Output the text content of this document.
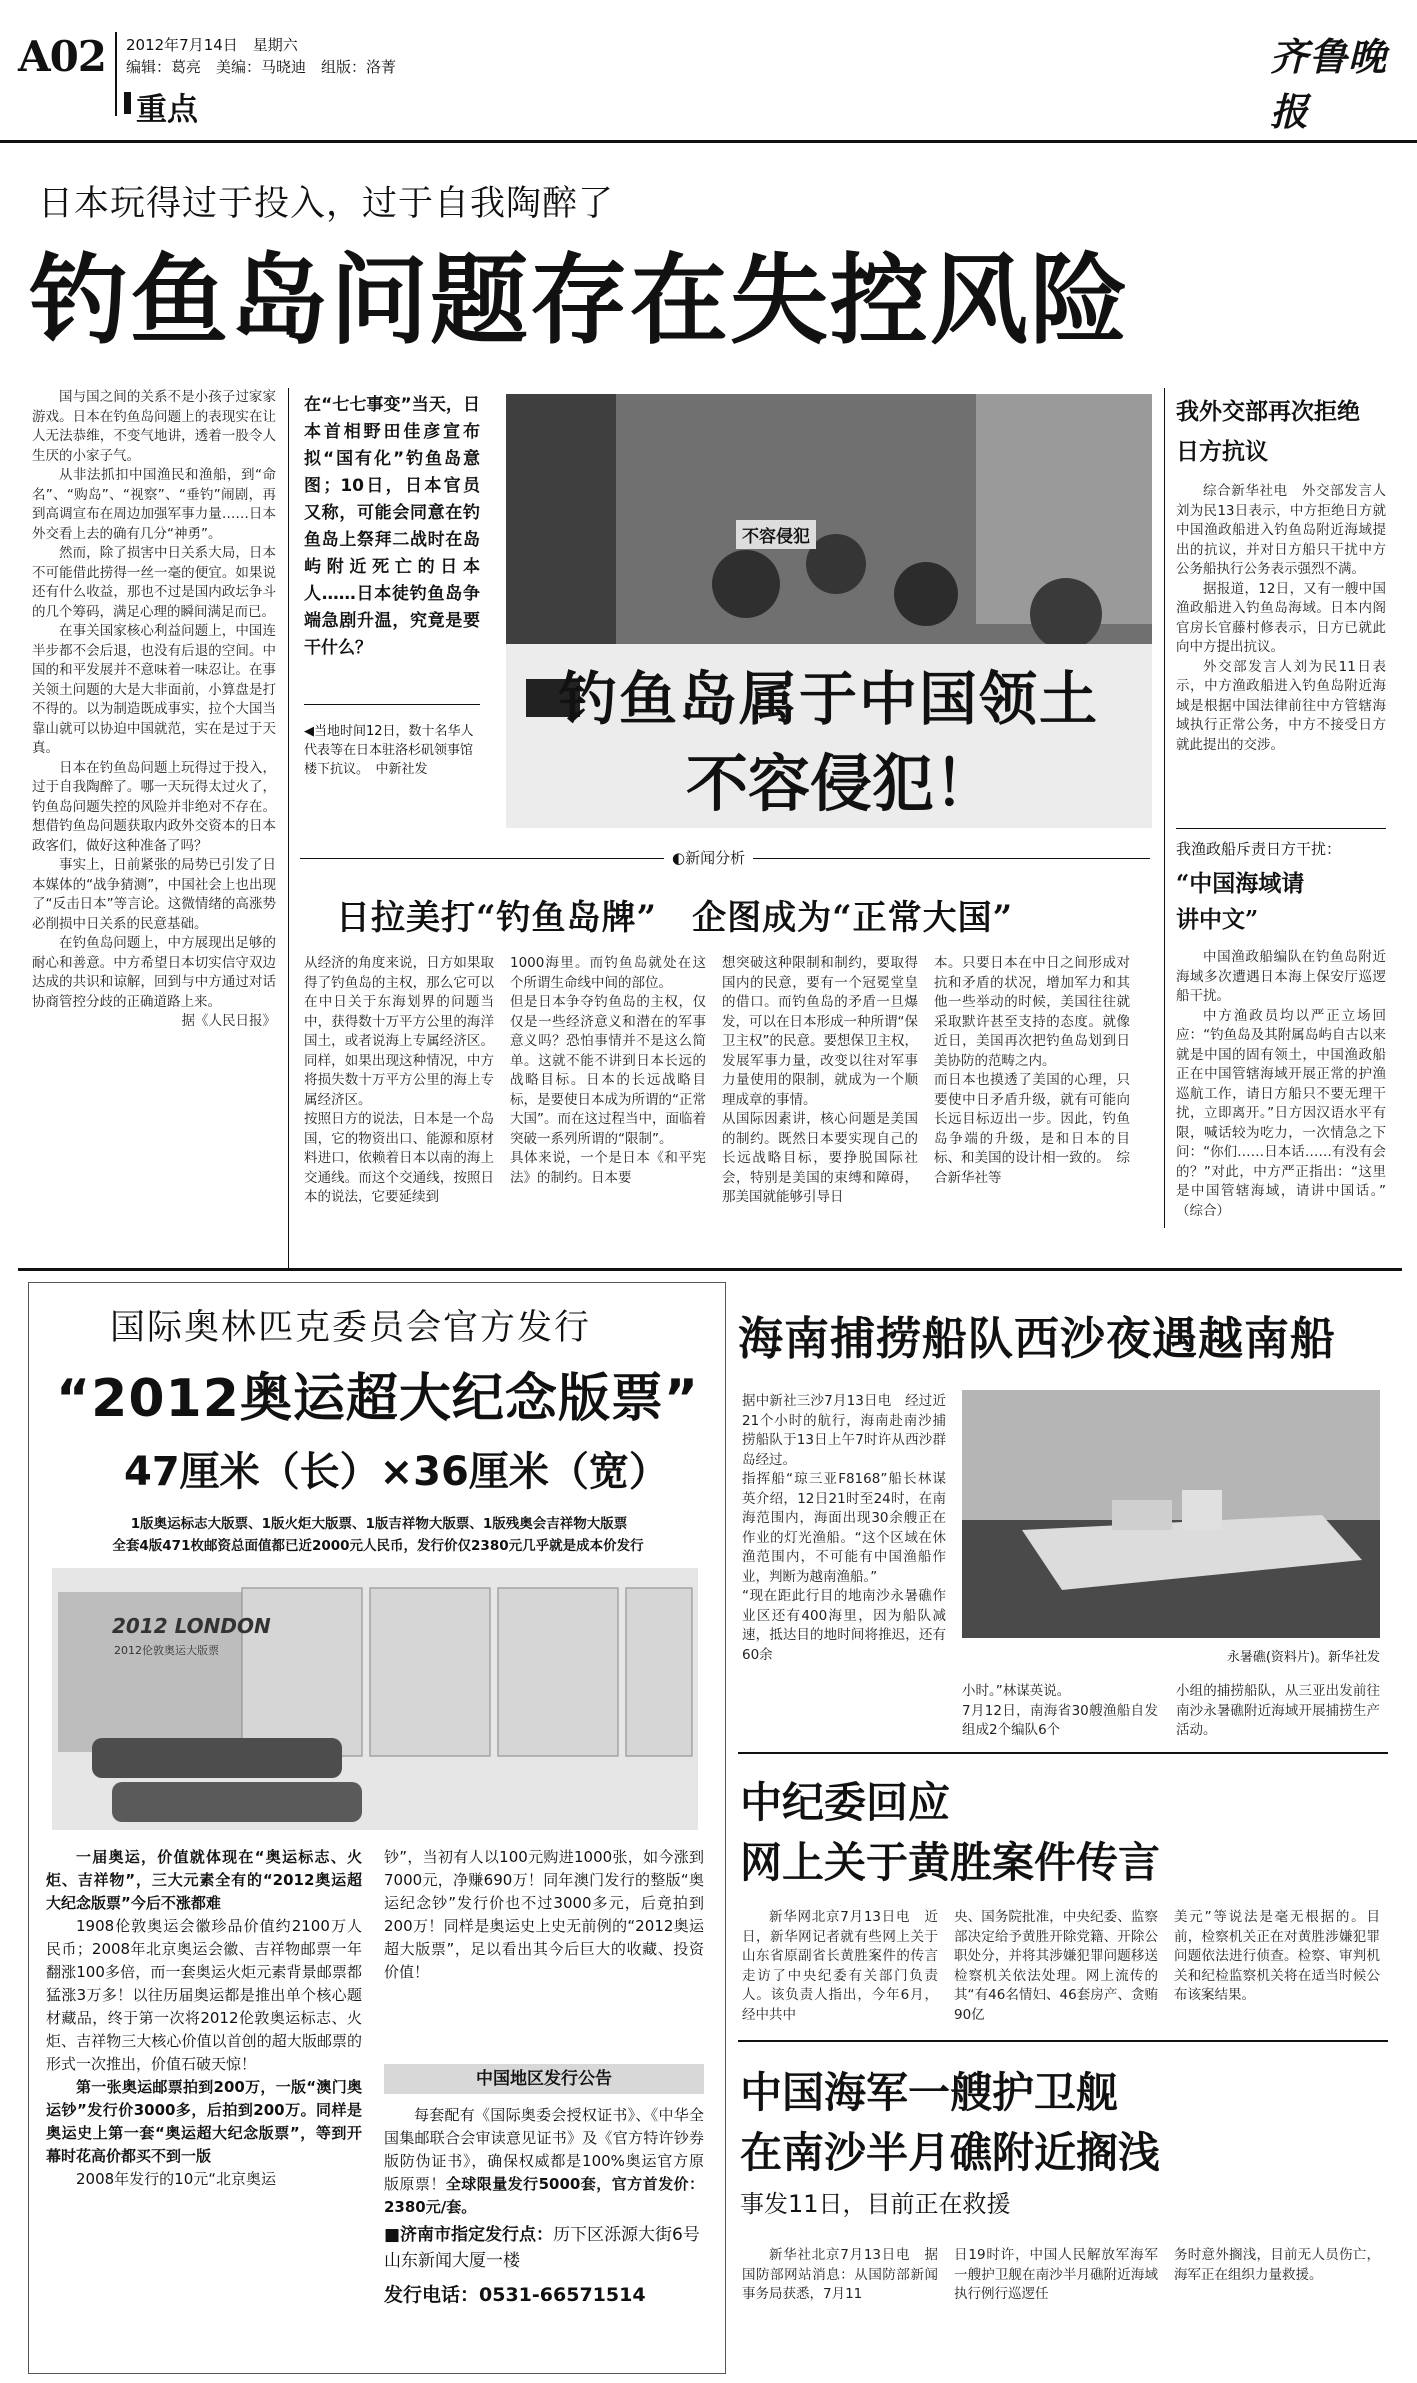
A02 2012年7月14日　星期六
编辑：葛亮　美编：马晓迪　组版：洛菁
重点
齐鲁晚报
日本玩得过于投入，过于自我陶醉了
钓鱼岛问题存在失控风险

国与国之间的关系不是小孩子过家家游戏。日本在钓鱼岛问题上的表现实在让人无法恭维，不变气地讲，透着一股令人生厌的小家子气。

从非法抓扣中国渔民和渔船，到“命名”、“购岛”、“视察”、“垂钓”闹剧，再到高调宣布在周边加强军事力量……日本外交看上去的确有几分“神勇”。

然而，除了损害中日关系大局，日本不可能借此捞得一丝一毫的便宜。如果说还有什么收益，那也不过是国内政坛争斗的几个筹码，满足心理的瞬间满足而已。

在事关国家核心利益问题上，中国连半步都不会后退，也没有后退的空间。中国的和平发展并不意味着一味忍让。在事关领土问题的大是大非面前，小算盘是打不得的。以为制造既成事实，拉个大国当靠山就可以协迫中国就范，实在是过于天真。

日本在钓鱼岛问题上玩得过于投入，过于自我陶醉了。哪一天玩得太过火了，钓鱼岛问题失控的风险并非绝对不存在。想借钓鱼岛问题获取内政外交资本的日本政客们，做好这种准备了吗？

事实上，日前紧张的局势已引发了日本媒体的“战争猜测”，中国社会上也出现了“反击日本”等言论。这微情绪的高涨势必削损中日关系的民意基础。

在钓鱼岛问题上，中方展现出足够的耐心和善意。中方希望日本切实信守双边达成的共识和谅解，回到与中方通过对话协商管控分歧的正确道路上来。

据《人民日报》

在“七七事变”当天，日本首相野田佳彦宣布拟“国有化”钓鱼岛意图；10日，日本官员又称，可能会同意在钓鱼岛上祭拜二战时在岛屿附近死亡的日本人……日本徒钓鱼岛争端急剧升温，究竟是要干什么？
◀当地时间12日，数十名华人代表等在日本驻洛杉矶领事馆楼下抗议。　中新社发
钓鱼岛属于中国领土
不容侵犯！
不容侵犯
我外交部再次拒绝日方抗议

综合新华社电　外交部发言人刘为民13日表示，中方拒绝日方就中国渔政船进入钓鱼岛附近海域提出的抗议，并对日方船只干扰中方公务船执行公务表示强烈不满。

据报道，12日，又有一艘中国渔政船进入钓鱼岛海域。日本内阁官房长官藤村修表示，日方已就此向中方提出抗议。

外交部发言人刘为民11日表示，中方渔政船进入钓鱼岛附近海域是根据中国法律前往中方管辖海域执行正常公务，中方不接受日方就此提出的交涉。

我渔政船斥责日方干扰：
“中国海域请讲中文”

中国渔政船编队在钓鱼岛附近海域多次遭遇日本海上保安厅巡逻船干扰。

中方渔政员均以严正立场回应：“钓鱼岛及其附属岛屿自古以来就是中国的固有领土，中国渔政船正在中国管辖海域开展正常的护渔巡航工作，请日方船只不要无理干扰，立即离开。”日方因汉语水平有限，喊话较为吃力，一次情急之下问：“你们……日本话……有没有会的？”对此，中方严正指出：“这里是中国管辖海域，请讲中国话。”　（综合）

◐新闻分析
日拉美打“钓鱼岛牌”　企图成为“正常大国”
从经济的角度来说，日方如果取得了钓鱼岛的主权，那么它可以在中日关于东海划界的问题当中，获得数十万平方公里的海洋国土，或者说海上专属经济区。同样，如果出现这种情况，中方将损失数十万平方公里的海上专属经济区。
按照日方的说法，日本是一个岛国，它的物资出口、能源和原材料进口，依赖着日本以南的海上交通线。而这个交通线，按照日本的说法，它要延续到
1000海里。而钓鱼岛就处在这个所谓生命线中间的部位。
但是日本争夺钓鱼岛的主权，仅仅是一些经济意义和潜在的军事意义吗？恐怕事情并不是这么简单。这就不能不讲到日本长远的战略目标。日本的长远战略目标，是要使日本成为所谓的“正常大国”。而在这过程当中，面临着突破一系列所谓的“限制”。
具体来说，一个是日本《和平宪法》的制约。日本要
想突破这种限制和制约，要取得国内的民意，要有一个冠冕堂皇的借口。而钓鱼岛的矛盾一旦爆发，可以在日本形成一种所谓“保卫主权”的民意。要想保卫主权，发展军事力量，改变以往对军事力量使用的限制，就成为一个顺理成章的事情。
从国际因素讲，核心问题是美国的制约。既然日本要实现自己的长远战略目标，要挣脱国际社会，特别是美国的束缚和障碍，那美国就能够引导日
本。只要日本在中日之间形成对抗和矛盾的状况，增加军力和其他一些举动的时候，美国往往就采取默许甚至支持的态度。就像近日，美国再次把钓鱼岛划到日美协防的范畴之内。
而日本也摸透了美国的心理，只要使中日矛盾升级，就有可能向长远目标迈出一步。因此，钓鱼岛争端的升级，是和日本的目标、和美国的设计相一致的。　综合新华社等
国际奥林匹克委员会官方发行
“2012奥运超大纪念版票”
47厘米（长）×36厘米（宽）
1版奥运标志大版票、1版火炬大版票、1版吉祥物大版票、1版残奥会吉祥物大版票
全套4版471枚邮资总面值都已近2000元人民币，发行价仅2380元几乎就是成本价发行
2012 LONDON
2012伦敦奥运大版票
一届奥运，价值就体现在“奥运标志、火炬、吉祥物”，三大元素全有的“2012奥运超大纪念版票”今后不涨都难
1908伦敦奥运会徽珍品价值约2100万人民币；2008年北京奥运会徽、吉祥物邮票一年翻涨100多倍，而一套奥运火炬元素背景邮票都猛涨3万多！以往历届奥运都是推出单个核心题材藏品，终于第一次将2012伦敦奥运标志、火炬、吉祥物三大核心价值以首创的超大版邮票的形式一次推出，价值石破天惊！
第一张奥运邮票拍到200万，一版“澳门奥运钞”发行价3000多，后拍到200万。同样是奥运史上第一套“奥运超大纪念版票”，等到开幕时花高价都买不到一版
2008年发行的10元“北京奥运
钞”，当初有人以100元购进1000张，如今涨到7000元，净赚690万！同年澳门发行的整版“奥运纪念钞”发行价也不过3000多元，后竟拍到200万！同样是奥运史上史无前例的“2012奥运超大版票”，足以看出其今后巨大的收藏、投资价值！
中国地区发行公告
每套配有《国际奥委会授权证书》、《中华全国集邮联合会审读意见证书》及《官方特许钞券版防伪证书》，确保权威都是100%奥运官方原版原票！全球限量发行5000套，官方首发价：2380元/套。
■济南市指定发行点：历下区泺源大街6号山东新闻大厦一楼
发行电话：0531-66571514
海南捕捞船队西沙夜遇越南船
据中新社三沙7月13日电　经过近21个小时的航行，海南赴南沙捕捞船队于13日上午7时许从西沙群岛经过。
指挥船“琼三亚F8168”船长林谋英介绍，12日21时至24时，在南海范围内，海面出现30余艘正在作业的灯光渔船。“这个区域在休渔范围内，不可能有中国渔船作业，判断为越南渔船。”
“现在距此行目的地南沙永暑礁作业区还有400海里，因为船队减速，抵达目的地时间将推迟，还有60余	永暑礁(资料片)。新华社发
小时。”林谋英说。
7月12日，南海省30艘渔船自发组成2个编队6个
小组的捕捞船队，从三亚出发前往南沙永暑礁附近海域开展捕捞生产活动。
中纪委回应
网上关于黄胜案件传言
新华网北京7月13日电　近日，新华网记者就有些网上关于山东省原副省长黄胜案件的传言走访了中央纪委有关部门负责人。该负责人指出，今年6月，经中共中
央、国务院批准，中央纪委、监察部决定给予黄胜开除党籍、开除公职处分，并将其涉嫌犯罪问题移送检察机关依法处理。网上流传的其“有46名情妇、46套房产、贪贿90亿
美元”等说法是毫无根据的。目前，检察机关正在对黄胜涉嫌犯罪问题依法进行侦查。检察、审判机关和纪检监察机关将在适当时候公布该案结果。
中国海军一艘护卫舰
在南沙半月礁附近搁浅
事发11日，目前正在救援
新华社北京7月13日电　据国防部网站消息：从国防部新闻事务局获悉，7月11
日19时许，中国人民解放军海军一艘护卫舰在南沙半月礁附近海域执行例行巡逻任
务时意外搁浅，目前无人员伤亡，海军正在组织力量救援。
